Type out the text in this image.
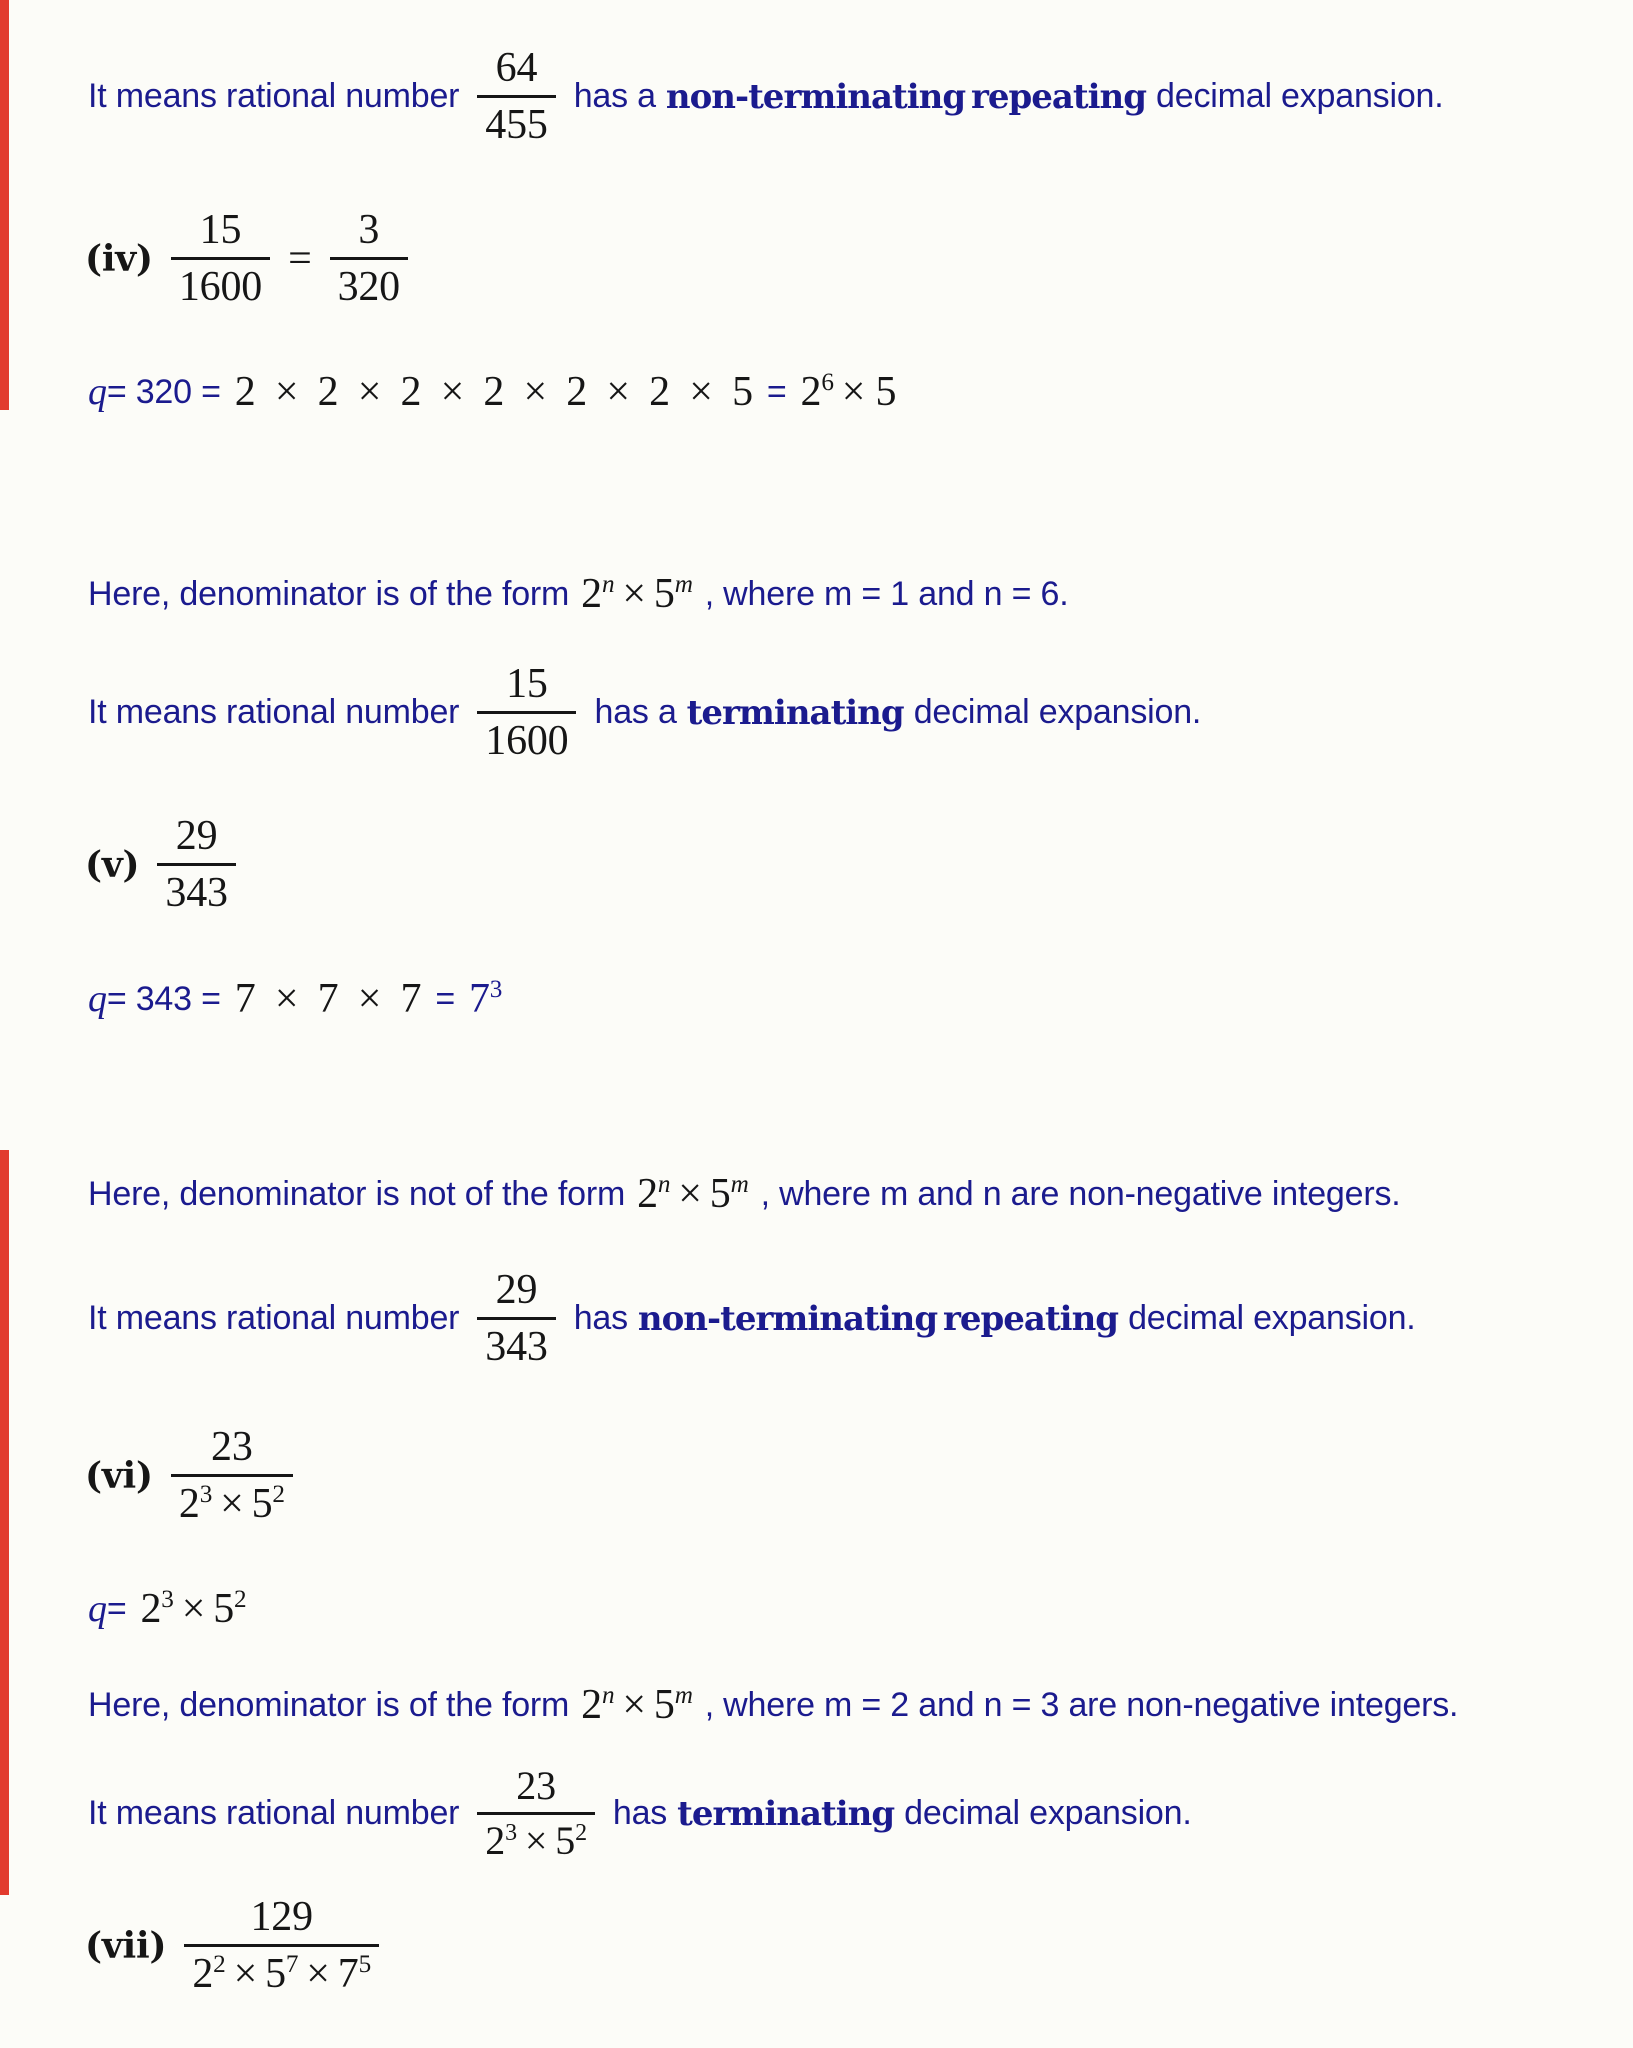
It means rational number $\frac{64}{455}$ has a non-terminating repeating decimal expansion.
$(iv) \frac{15}{1600} = \frac{3}{320}$
$q = 320 = 2 \times 2 \times 2 \times 2 \times 2 \times 2 \times 5 = 2^6 \times 5$
Here, denominator is of the form $2^n \times 5^m$ , where m = 1 and n = 6.
It means rational number $\frac{15}{1600}$ has a terminating decimal expansion.
$(v) \frac{29}{343}$
$q = 343 = 7 \times 7 \times 7 = 7^3$
Here, denominator is not of the form $2^n \times 5^m$ , where m and n are non-negative integers.
It means rational number $\frac{29}{343}$ has non-terminating repeating decimal expansion.
$(vi) \frac{23}{2^3 \times 5^2}$
$q = 2^3 \times 5^2$
Here, denominator is of the form $2^n \times 5^m$ , where m = 2 and n = 3 are non-negative integers.
It means rational number $\frac{23}{2^3 \times 5^2}$ has terminating decimal expansion.
$(vii) \frac{129}{2^2 \times 5^7 \times 7^5}$
